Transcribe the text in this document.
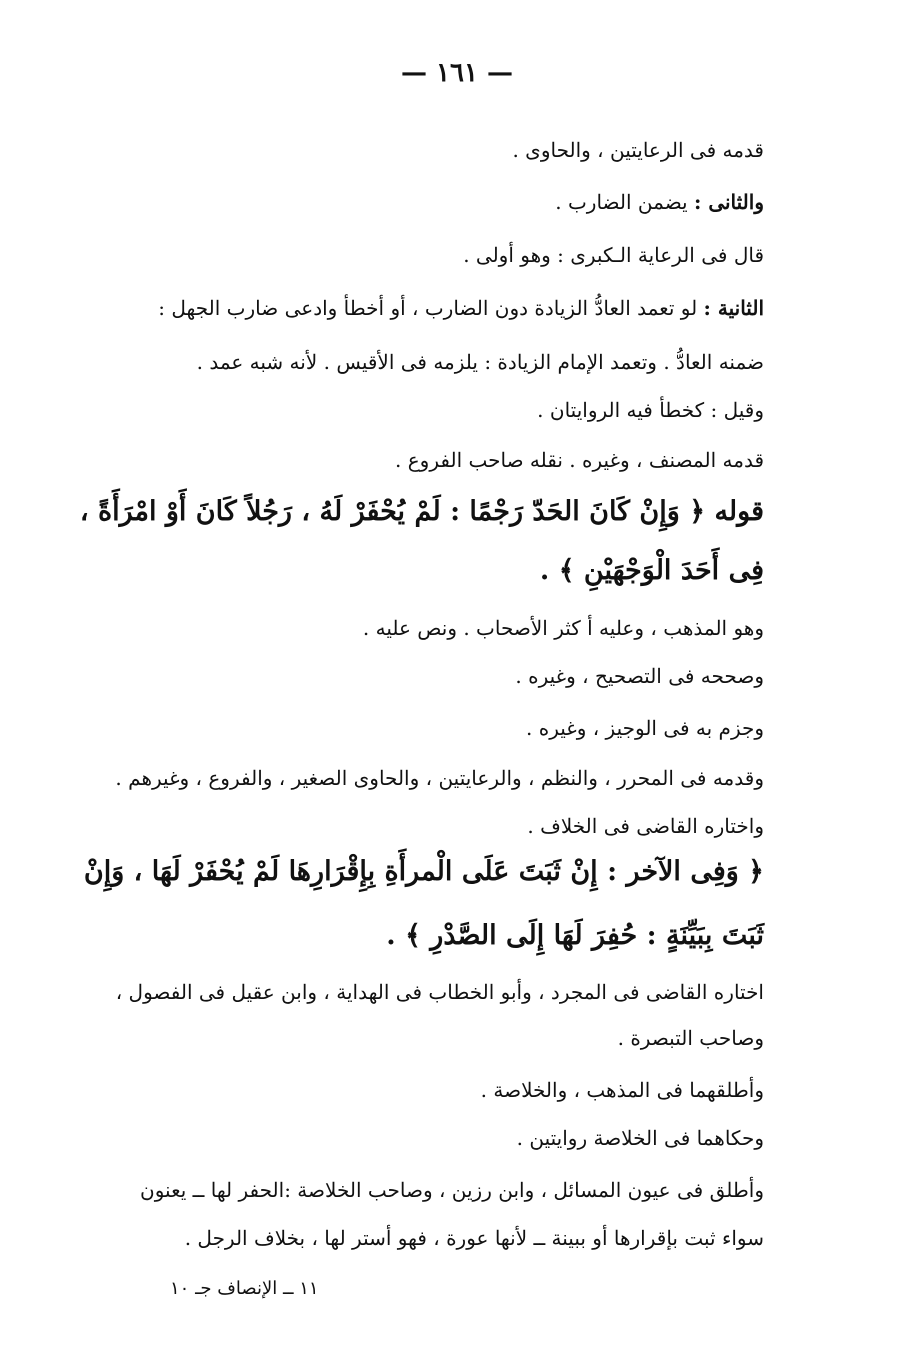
— ١٦١ —
قدمه فى الرعايتين ، والحاوى .
والثانى : يضمن الضارب .
قال فى الرعاية الـكبرى : وهو أولى .
الثانية : لو تعمد العادُّ الزيادة دون الضارب ، أو أخطأ وادعى ضارب الجهل :
ضمنه العادُّ . وتعمد الإمام الزيادة : يلزمه فى الأقيس . لأنه شبه عمد .
وقيل : كخطأ فيه الروايتان .
قدمه المصنف ، وغيره . نقله صاحب الفروع .
قوله ﴿ وَإِنْ كَانَ الحَدّ رَجْمًا : لَمْ يُحْفَرْ لَهُ ، رَجُلاً كَانَ أَوْ امْرَأَةً ،
فِى أَحَدَ الْوَجْهَيْنِ ﴾ .
وهو المذهب ، وعليه أ كثر الأصحاب . ونص عليه .
وصححه فى التصحيح ، وغيره .
وجزم به فى الوجيز ، وغيره .
وقدمه فى المحرر ، والنظم ، والرعايتين ، والحاوى الصغير ، والفروع ، وغيرهم .
واختاره القاضى فى الخلاف .
﴿ وَفِى الآخر : إِنْ ثَبَتَ عَلَى الْمرأَةِ بِإِقْرَارِهَا لَمْ يُحْفَرْ لَهَا ، وَإِنْ
ثَبَتَ بِبَيِّنَةٍ : حُفِرَ لَهَا إِلَى الصَّدْرِ ﴾ .
اختاره القاضى فى المجرد ، وأبو الخطاب فى الهداية ، وابن عقيل فى الفصول ،
وصاحب التبصرة .
وأطلقهما فى المذهب ، والخلاصة .
وحكاهما فى الخلاصة روايتين .
وأطلق فى عيون المسائل ، وابن رزين ، وصاحب الخلاصة :الحفر لها ــ يعنون
سواء ثبت بإقرارها أو ببينة ــ لأنها عورة ، فهو أستر لها ، بخلاف الرجل .
١١ ــ الإنصاف جـ ١٠
